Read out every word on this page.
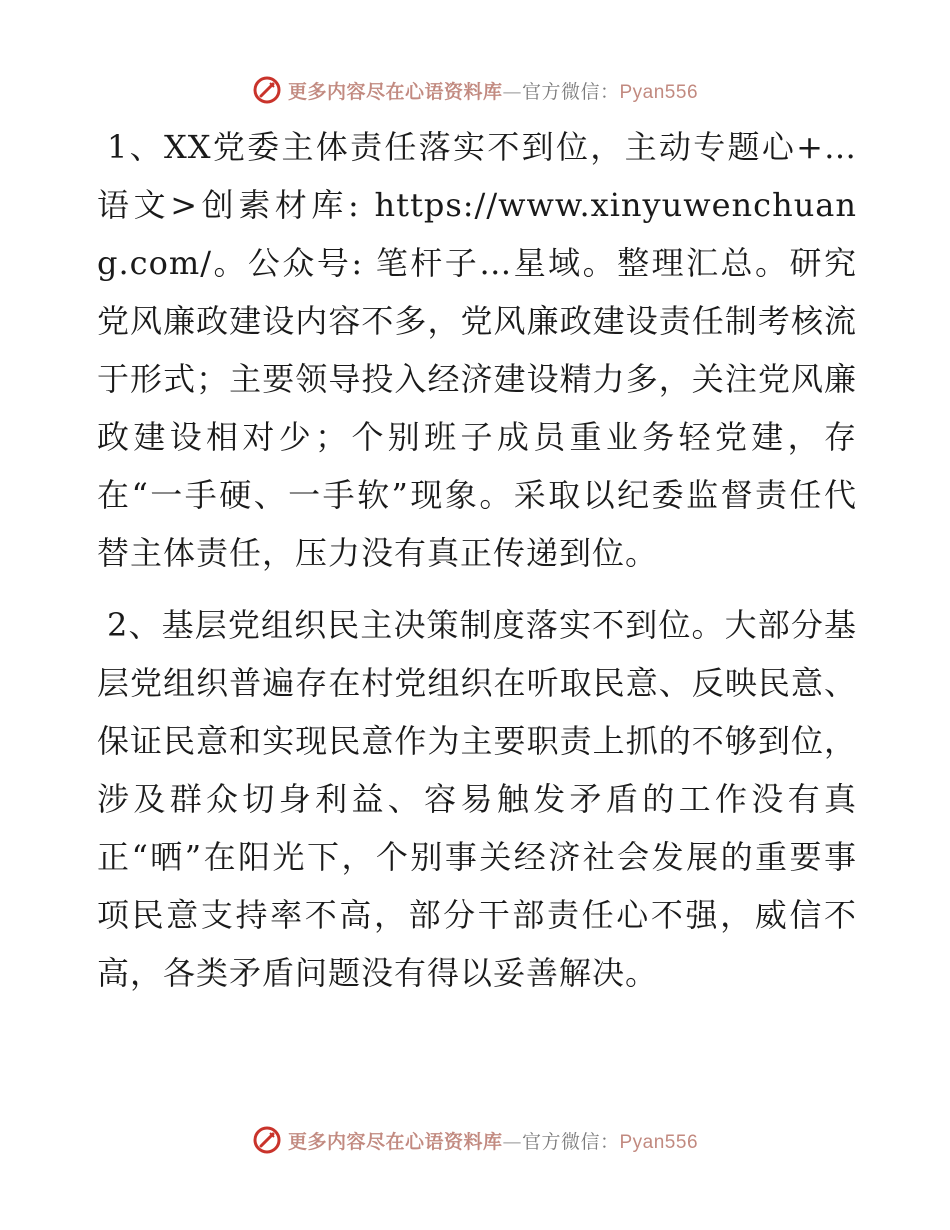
更多内容尽在心语资料库—官方微信：Pyan556

1、XX党委主体责任落实不到位，主动专题心+…语文>创素材库: https://www.xinyuwenchuang.com/。公众号: 笔杆子…星域。整理汇总。研究党风廉政建设内容不多，党风廉政建设责任制考核流于形式；主要领导投入经济建设精力多，关注党风廉政建设相对少；个别班子成员重业务轻党建，存在“一手硬、一手软”现象。采取以纪委监督责任代替主体责任，压力没有真正传递到位。

2、基层党组织民主决策制度落实不到位。大部分基层党组织普遍存在村党组织在听取民意、反映民意、保证民意和实现民意作为主要职责上抓的不够到位，涉及群众切身利益、容易触发矛盾的工作没有真正“晒”在阳光下，个别事关经济社会发展的重要事项民意支持率不高，部分干部责任心不强，威信不高，各类矛盾问题没有得以妥善解决。

更多内容尽在心语资料库—官方微信：Pyan556
